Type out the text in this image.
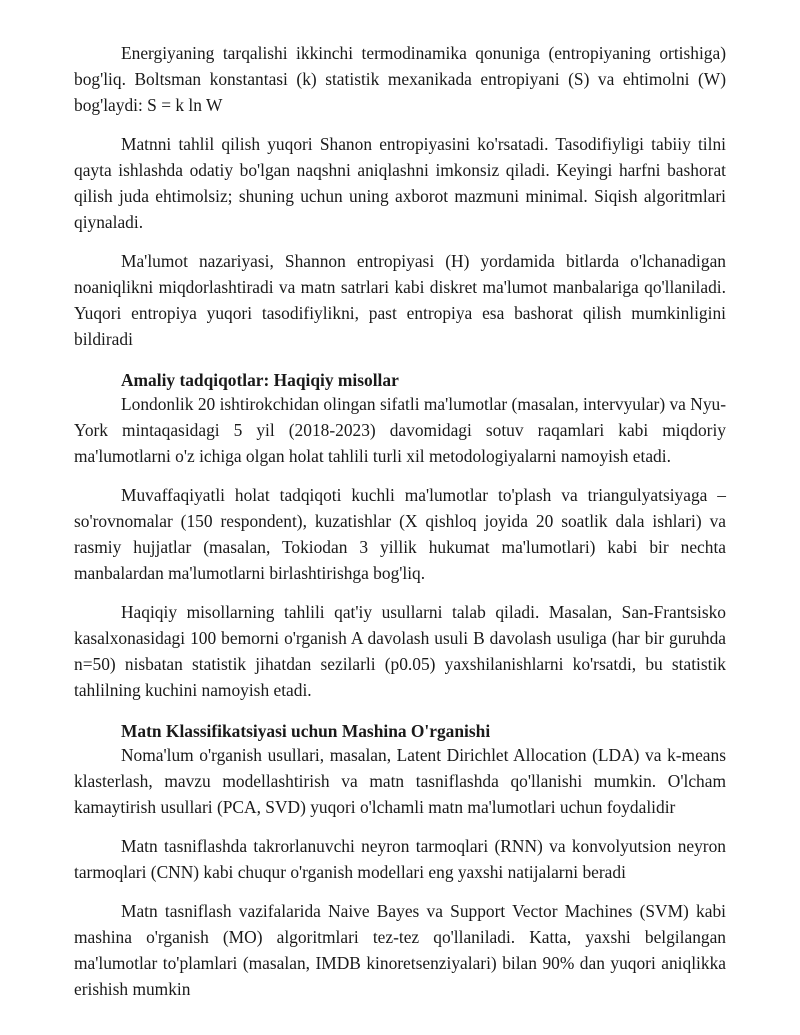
Energiyaning tarqalishi ikkinchi termodinamika qonuniga (entropiyaning ortishiga) bog'liq. Boltsman konstantasi (k) statistik mexanikada entropiyani (S) va ehtimolni (W) bog'laydi: S = k ln W

Matnni tahlil qilish yuqori Shanon entropiyasini ko'rsatadi. Tasodifiyligi tabiiy tilni qayta ishlashda odatiy bo'lgan naqshni aniqlashni imkonsiz qiladi. Keyingi harfni bashorat qilish juda ehtimolsiz; shuning uchun uning axborot mazmuni minimal. Siqish algoritmlari qiynaladi.

Ma'lumot nazariyasi, Shannon entropiyasi (H) yordamida bitlarda o'lchanadigan noaniqlikni miqdorlashtiradi va matn satrlari kabi diskret ma'lumot manbalariga qo'llaniladi. Yuqori entropiya yuqori tasodifiylikni, past entropiya esa bashorat qilish mumkinligini bildiradi

Amaliy tadqiqotlar: Haqiqiy misollar

Londonlik 20 ishtirokchidan olingan sifatli ma'lumotlar (masalan, intervyular) va Nyu-York mintaqasidagi 5 yil (2018-2023) davomidagi sotuv raqamlari kabi miqdoriy ma'lumotlarni o'z ichiga olgan holat tahlili turli xil metodologiyalarni namoyish etadi.

Muvaffaqiyatli holat tadqiqoti kuchli ma'lumotlar to'plash va triangulyatsiyaga – so'rovnomalar (150 respondent), kuzatishlar (X qishloq joyida 20 soatlik dala ishlari) va rasmiy hujjatlar (masalan, Tokiodan 3 yillik hukumat ma'lumotlari) kabi bir nechta manbalardan ma'lumotlarni birlashtirishga bog'liq.

Haqiqiy misollarning tahlili qat'iy usullarni talab qiladi. Masalan, San-Frantsisko kasalxonasidagi 100 bemorni o'rganish A davolash usuli B davolash usuliga (har bir guruhda n=50) nisbatan statistik jihatdan sezilarli (p0.05) yaxshilanishlarni ko'rsatdi, bu statistik tahlilning kuchini namoyish etadi.

Matn Klassifikatsiyasi uchun Mashina O'rganishi

Noma'lum o'rganish usullari, masalan, Latent Dirichlet Allocation (LDA) va k-means klasterlash, mavzu modellashtirish va matn tasniflashda qo'llanishi mumkin. O'lcham kamaytirish usullari (PCA, SVD) yuqori o'lchamli matn ma'lumotlari uchun foydalidir

Matn tasniflashda takrorlanuvchi neyron tarmoqlari (RNN) va konvolyutsion neyron tarmoqlari (CNN) kabi chuqur o'rganish modellari eng yaxshi natijalarni beradi

Matn tasniflash vazifalarida Naive Bayes va Support Vector Machines (SVM) kabi mashina o'rganish (MO) algoritmlari tez-tez qo'llaniladi. Katta, yaxshi belgilangan ma'lumotlar to'plamlari (masalan, IMDB kinoretsenziyalari) bilan 90% dan yuqori aniqlikka erishish mumkin
